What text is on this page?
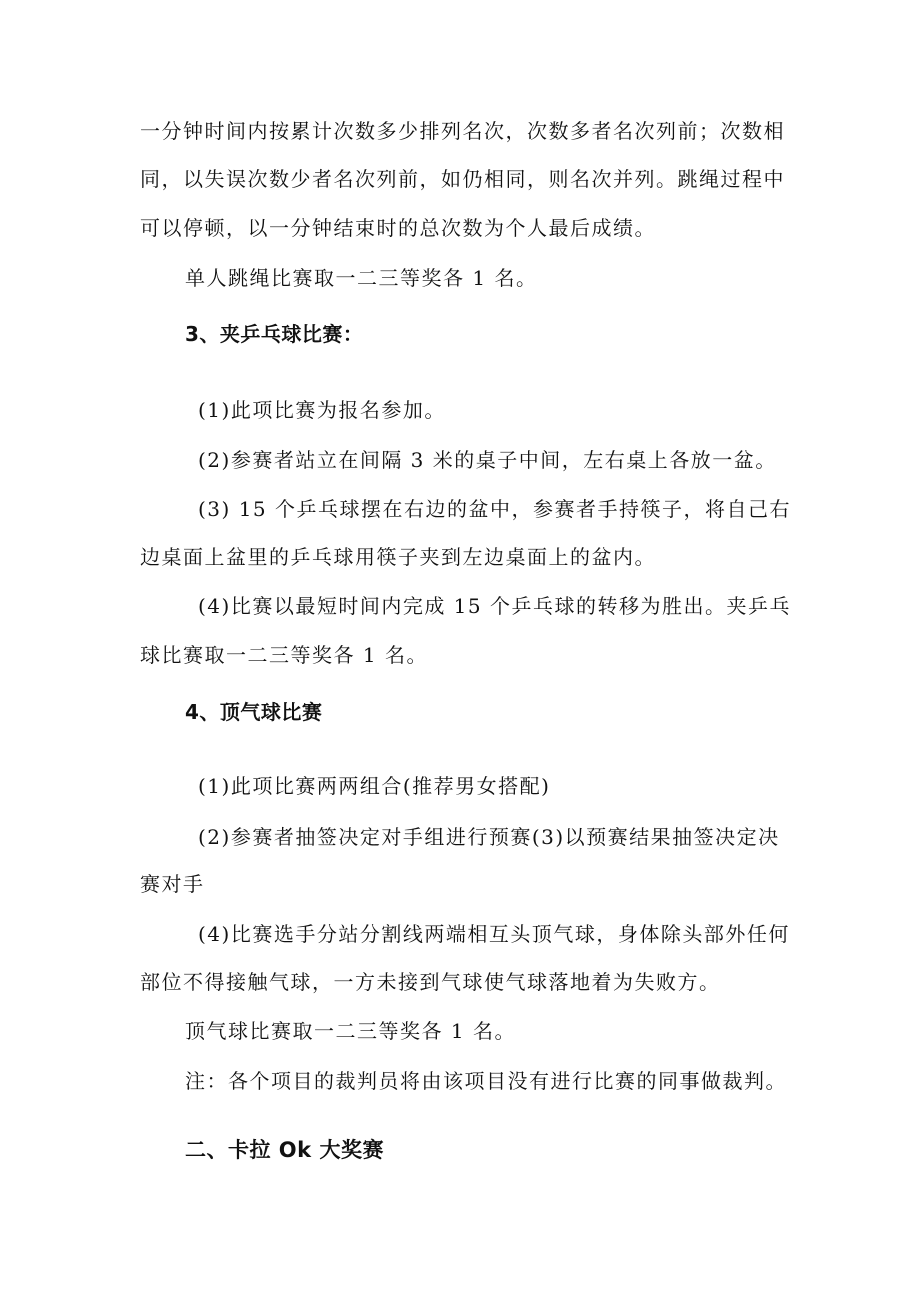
一分钟时间内按累计次数多少排列名次，次数多者名次列前；次数相
同，以失误次数少者名次列前，如仍相同，则名次并列。跳绳过程中
可以停顿，以一分钟结束时的总次数为个人最后成绩。
单人跳绳比赛取一二三等奖各 1 名。
3、夹乒乓球比赛：
(1)此项比赛为报名参加。
(2)参赛者站立在间隔 3 米的桌子中间，左右桌上各放一盆。
(3) 15 个乒乓球摆在右边的盆中，参赛者手持筷子，将自己右
边桌面上盆里的乒乓球用筷子夹到左边桌面上的盆内。
(4)比赛以最短时间内完成 15 个乒乓球的转移为胜出。夹乒乓
球比赛取一二三等奖各 1 名。
4、顶气球比赛
(1)此项比赛两两组合(推荐男女搭配)
(2)参赛者抽签决定对手组进行预赛(3)以预赛结果抽签决定决
赛对手
(4)比赛选手分站分割线两端相互头顶气球，身体除头部外任何
部位不得接触气球，一方未接到气球使气球落地着为失败方。
顶气球比赛取一二三等奖各 1 名。
注：各个项目的裁判员将由该项目没有进行比赛的同事做裁判。
二、卡拉 Ok 大奖赛
